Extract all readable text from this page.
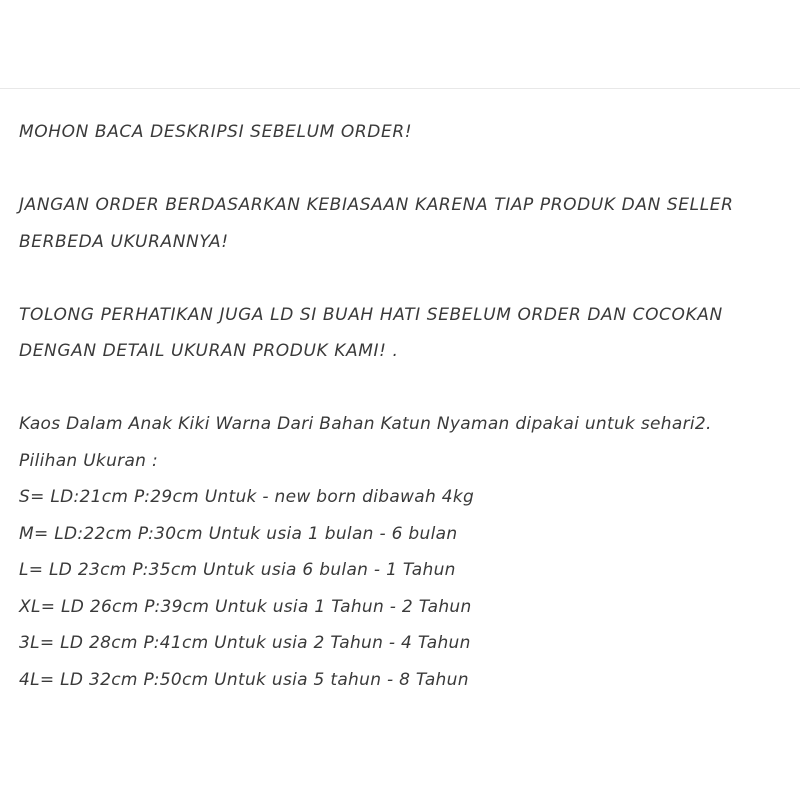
MOHON BACA DESKRIPSI SEBELUM ORDER!
JANGAN ORDER BERDASARKAN KEBIASAAN KARENA TIAP PRODUK DAN SELLER
BERBEDA UKURANNYA!
TOLONG PERHATIKAN JUGA LD SI BUAH HATI SEBELUM ORDER DAN COCOKAN
DENGAN DETAIL UKURAN PRODUK KAMI! .
Kaos Dalam Anak Kiki Warna Dari Bahan Katun Nyaman dipakai untuk sehari2.
Pilihan Ukuran :
S= LD:21cm P:29cm Untuk - new born dibawah 4kg
M= LD:22cm P:30cm Untuk usia 1 bulan - 6 bulan
L= LD 23cm P:35cm Untuk usia 6 bulan - 1 Tahun
XL= LD 26cm P:39cm Untuk usia 1 Tahun - 2 Tahun
3L= LD 28cm P:41cm Untuk usia 2 Tahun - 4 Tahun
4L= LD 32cm P:50cm Untuk usia 5 tahun - 8 Tahun
